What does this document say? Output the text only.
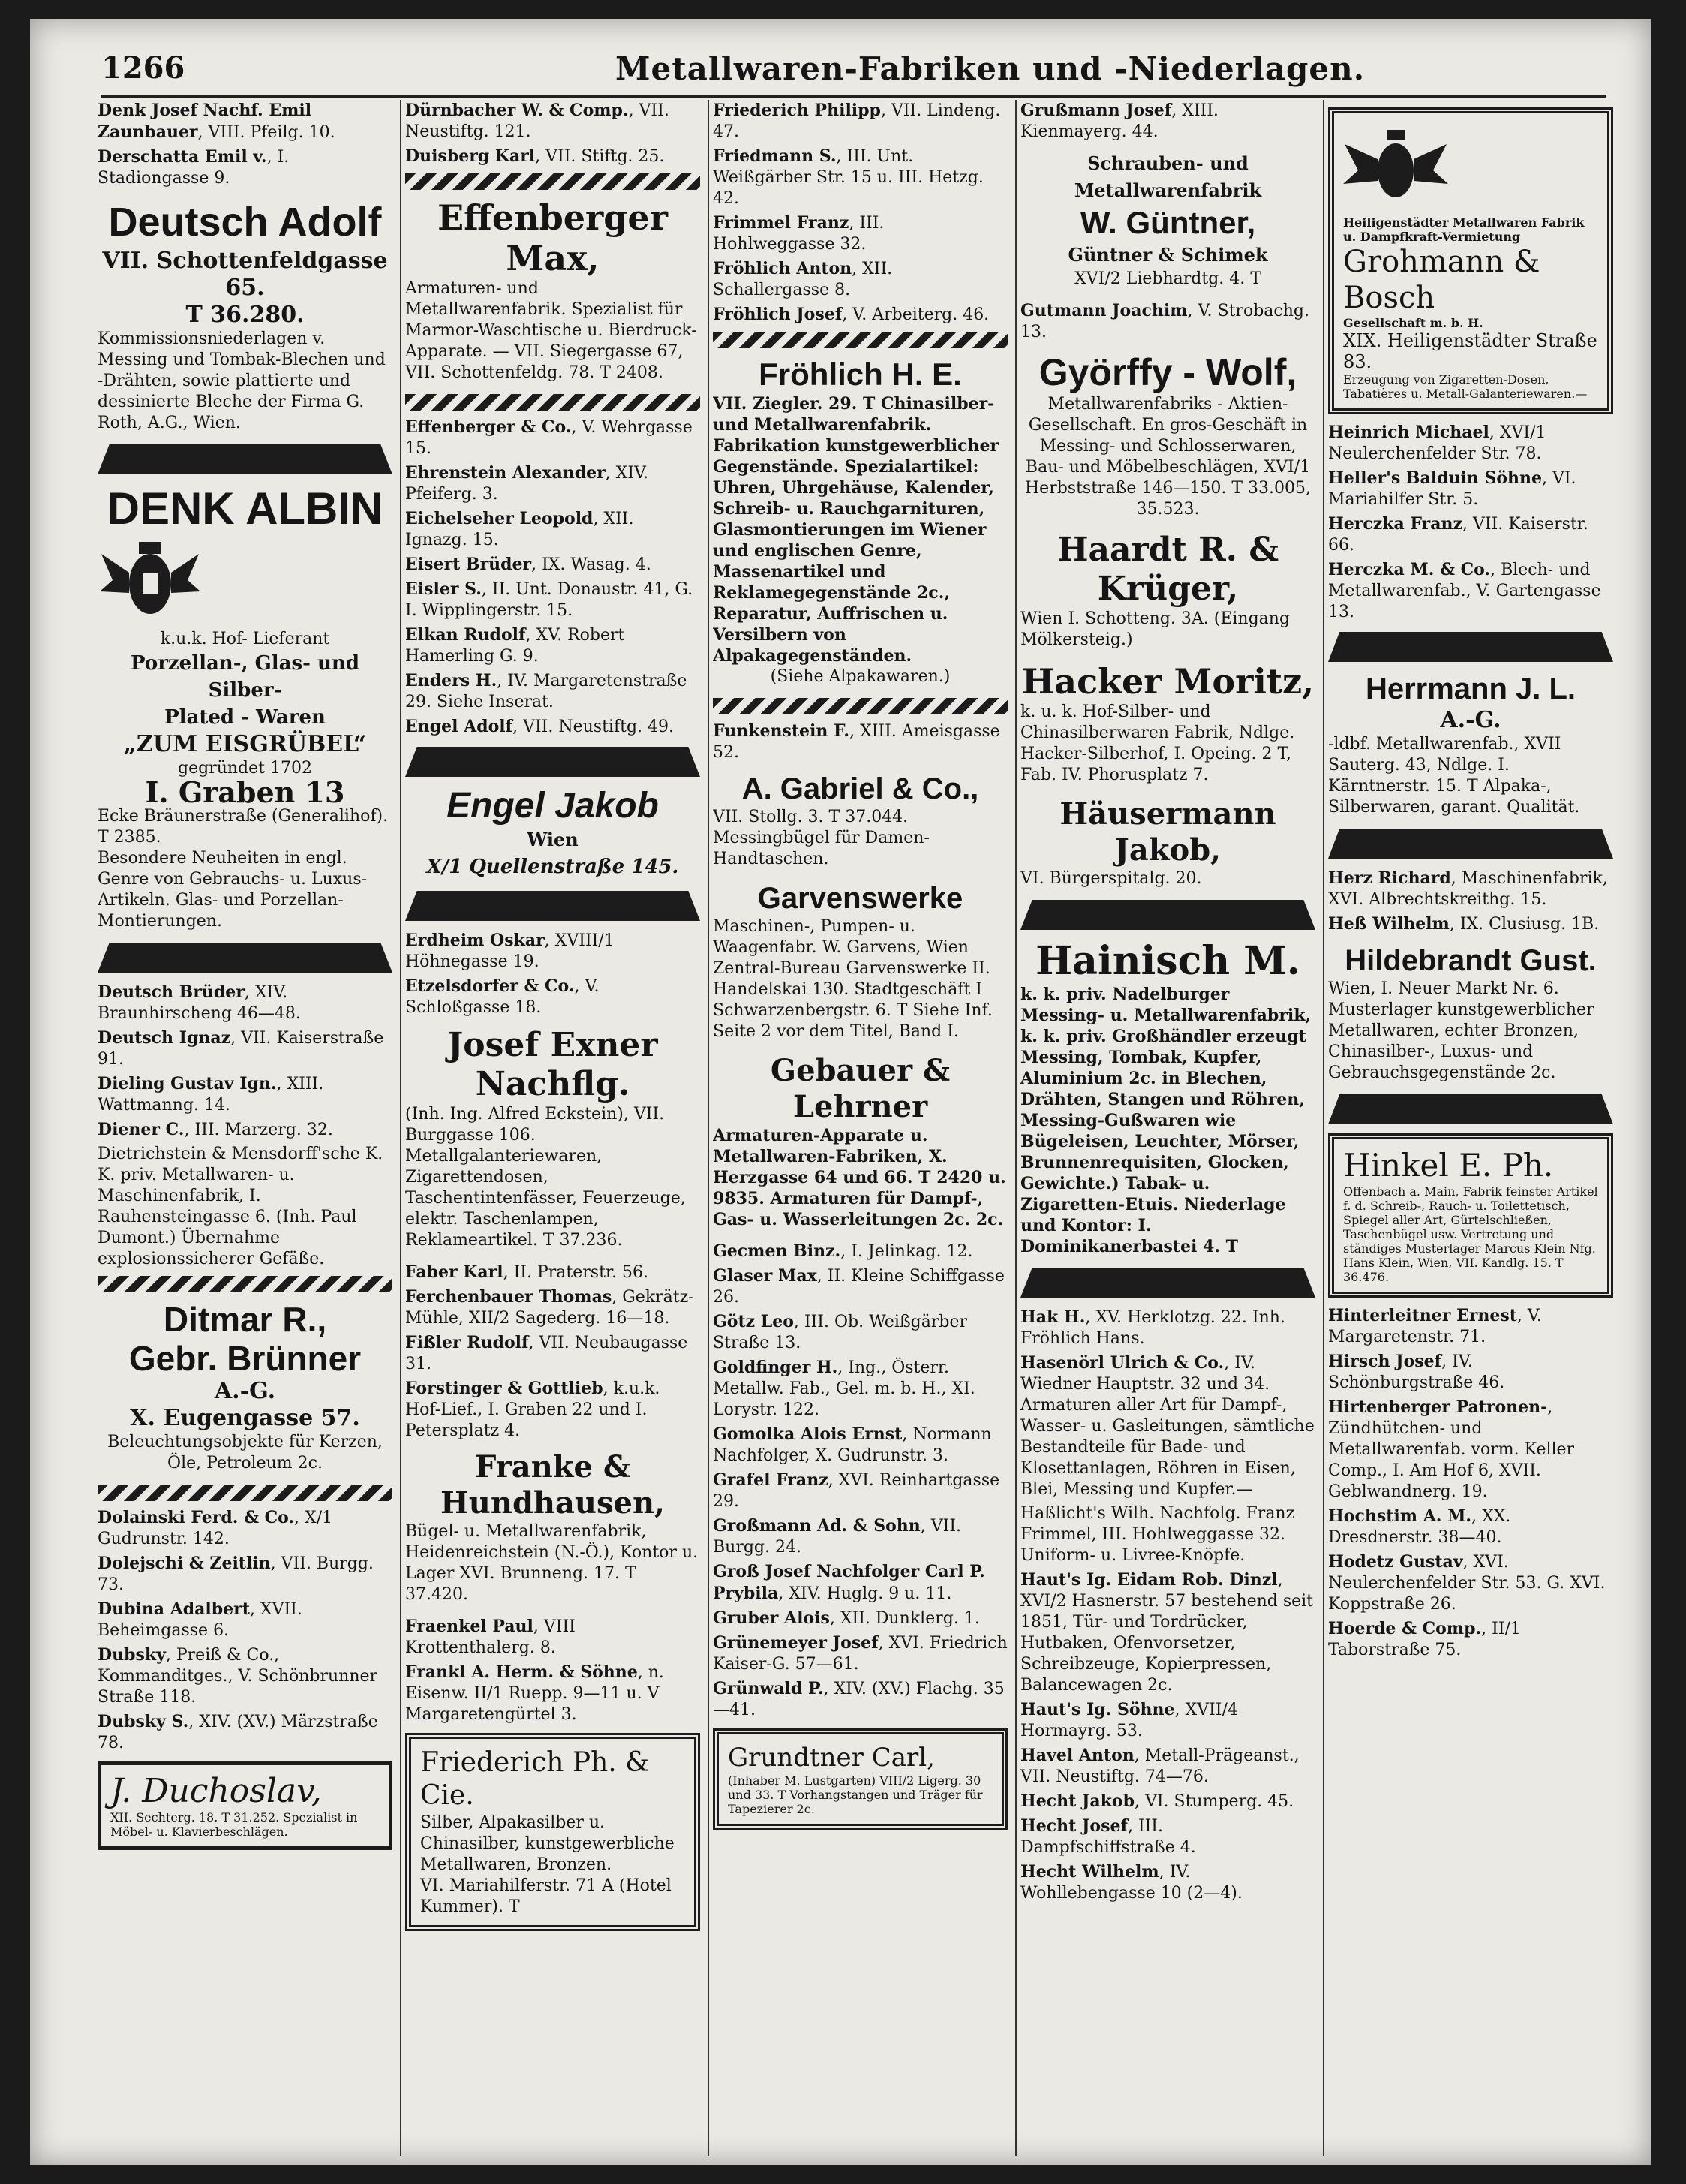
1266	Metallwaren-Fabriken und -Niederlagen.

Denk Josef Nachf. Emil Zaunbauer, VIII. Pfeilg. 10.

Derschatta Emil v., I. Stadiongasse 9.

Deutsch Adolf
VII. Schottenfeldgasse 65.
T 36.280.
Kommissionsniederlagen v. Messing und Tombak-Blechen und -Drähten, sowie plattierte und dessinierte Bleche der Firma G. Roth, A.G., Wien.
DENK ALBIN
k.u.k. Hof- Lieferant
Porzellan-, Glas- und Silber-
Plated - Waren
„ZUM EISGRÜBEL“
gegründet 1702
I. Graben 13
Ecke Bräunerstraße (Generalihof). T 2385.
Besondere Neuheiten in engl. Genre von Gebrauchs- u. Luxus-Artikeln. Glas- und Porzellan-Montierungen.

Deutsch Brüder, XIV. Braunhirscheng 46—48.

Deutsch Ignaz, VII. Kaiserstraße 91.

Dieling Gustav Ign., XIII. Wattmanng. 14.

Diener C., III. Marzerg. 32.

Dietrichstein & Mensdorff'sche K. K. priv. Metallwaren- u. Maschinenfabrik, I. Rauhensteingasse 6. (Inh. Paul Dumont.) Übernahme explosionssicherer Gefäße.

Ditmar R.,
Gebr. Brünner
A.-G.
X. Eugengasse 57.
Beleuchtungsobjekte für Kerzen, Öle, Petroleum 2c.

Dolainski Ferd. & Co., X/1 Gudrunstr. 142.

Dolejschi & Zeitlin, VII. Burgg. 73.

Dubina Adalbert, XVII. Beheimgasse 6.

Dubsky, Preiß & Co., Kommanditges., V. Schönbrunner Straße 118.

Dubsky S., XIV. (XV.) Märzstraße 78.

J. Duchoslav,
XII. Sechterg. 18. T 31.252. Spezialist in Möbel- u. Klavierbeschlägen.

Dürnbacher W. & Comp., VII. Neustiftg. 121.

Duisberg Karl, VII. Stiftg. 25.

Effenberger Max,
Armaturen- und Metallwarenfabrik. Spezialist für Marmor-Waschtische u. Bierdruck-Apparate. — VII. Siegergasse 67, VII. Schottenfeldg. 78. T 2408.

Effenberger & Co., V. Wehrgasse 15.

Ehrenstein Alexander, XIV. Pfeiferg. 3.

Eichelseher Leopold, XII. Ignazg. 15.

Eisert Brüder, IX. Wasag. 4.

Eisler S., II. Unt. Donaustr. 41, G. I. Wipplingerstr. 15.

Elkan Rudolf, XV. Robert Hamerling G. 9.

Enders H., IV. Margaretenstraße 29. Siehe Inserat.

Engel Adolf, VII. Neustiftg. 49.

Engel Jakob
Wien
X/1 Quellenstraße 145.

Erdheim Oskar, XVIII/1 Höhnegasse 19.

Etzelsdorfer & Co., V. Schloßgasse 18.

Josef Exner Nachflg.
(Inh. Ing. Alfred Eckstein), VII. Burggasse 106. Metallgalanteriewaren, Zigarettendosen, Taschentintenfässer, Feuerzeuge, elektr. Taschenlampen, Reklameartikel. T 37.236.

Faber Karl, II. Praterstr. 56.

Ferchenbauer Thomas, Gekrätz-Mühle, XII/2 Sagederg. 16—18.

Fißler Rudolf, VII. Neubaugasse 31.

Forstinger & Gottlieb, k.u.k. Hof-Lief., I. Graben 22 und I. Petersplatz 4.

Franke & Hundhausen,
Bügel- u. Metallwarenfabrik, Heidenreichstein (N.-Ö.), Kontor u. Lager XVI. Brunneng. 17. T 37.420.

Fraenkel Paul, VIII Krottenthalerg. 8.

Frankl A. Herm. & Söhne, n. Eisenw. II/1 Ruepp. 9—11 u. V Margaretengürtel 3.

Friederich Ph. & Cie.
Silber, Alpakasilber u. Chinasilber, kunstgewerbliche Metallwaren, Bronzen.
VI. Mariahilferstr. 71 A (Hotel Kummer). T

Friederich Philipp, VII. Lindeng. 47.

Friedmann S., III. Unt. Weißgärber Str. 15 u. III. Hetzg. 42.

Frimmel Franz, III. Hohlweggasse 32.

Fröhlich Anton, XII. Schallergasse 8.

Fröhlich Josef, V. Arbeiterg. 46.

Fröhlich H. E.
VII. Ziegler. 29. T Chinasilber- und Metallwarenfabrik. Fabrikation kunstgewerblicher Gegenstände. Spezialartikel: Uhren, Uhrgehäuse, Kalender, Schreib- u. Rauchgarnituren, Glasmontierungen im Wiener und englischen Genre, Massenartikel und Reklamegegenstände 2c., Reparatur, Auffrischen u. Versilbern von Alpakagegenständen.
(Siehe Alpakawaren.)

Funkenstein F., XIII. Ameisgasse 52.

A. Gabriel & Co.,
VII. Stollg. 3. T 37.044. Messingbügel für Damen-Handtaschen.
Garvenswerke
Maschinen-, Pumpen- u. Waagenfabr. W. Garvens, Wien Zentral-Bureau Garvenswerke II. Handelskai 130. Stadtgeschäft I Schwarzenbergstr. 6. T Siehe Inf. Seite 2 vor dem Titel, Band I.
Gebauer & Lehrner
Armaturen-Apparate u. Metallwaren-Fabriken, X. Herzgasse 64 und 66. T 2420 u. 9835. Armaturen für Dampf-, Gas- u. Wasserleitungen 2c. 2c.

Gecmen Binz., I. Jelinkag. 12.

Glaser Max, II. Kleine Schiffgasse 26.

Götz Leo, III. Ob. Weißgärber Straße 13.

Goldfinger H., Ing., Österr. Metallw. Fab., Gel. m. b. H., XI. Lorystr. 122.

Gomolka Alois Ernst, Normann Nachfolger, X. Gudrunstr. 3.

Grafel Franz, XVI. Reinhartgasse 29.

Großmann Ad. & Sohn, VII. Burgg. 24.

Groß Josef Nachfolger Carl P. Prybila, XIV. Huglg. 9 u. 11.

Gruber Alois, XII. Dunklerg. 1.

Grünemeyer Josef, XVI. Friedrich Kaiser-G. 57—61.

Grünwald P., XIV. (XV.) Flachg. 35—41.

Grundtner Carl,
(Inhaber M. Lustgarten) VIII/2 Ligerg. 30 und 33. T Vorhangstangen und Träger für Tapezierer 2c.

Grußmann Josef, XIII. Kienmayerg. 44.

Schrauben- und Metallwarenfabrik
W. Güntner,
Güntner & Schimek
XVI/2 Liebhardtg. 4. T

Gutmann Joachim, V. Strobachg. 13.

Györffy - Wolf,
Metallwarenfabriks - Aktien-Gesellschaft. En gros-Geschäft in Messing- und Schlosserwaren, Bau- und Möbelbeschlägen, XVI/1 Herbststraße 146—150. T 33.005, 35.523.
Haardt R. & Krüger,
Wien I. Schotteng. 3A. (Eingang Mölkersteig.)
Hacker Moritz,
k. u. k. Hof-Silber- und Chinasilberwaren Fabrik, Ndlge. Hacker-Silberhof, I. Opeing. 2 T, Fab. IV. Phorusplatz 7.
Häusermann Jakob,
VI. Bürgerspitalg. 20.
Hainisch M.
k. k. priv. Nadelburger Messing- u. Metallwarenfabrik, k. k. priv. Großhändler erzeugt Messing, Tombak, Kupfer, Aluminium 2c. in Blechen, Drähten, Stangen und Röhren, Messing-Gußwaren wie Bügeleisen, Leuchter, Mörser, Brunnenrequisiten, Glocken, Gewichte.) Tabak- u. Zigaretten-Etuis. Niederlage und Kontor: I. Dominikanerbastei 4. T

Hak H., XV. Herklotzg. 22. Inh. Fröhlich Hans.

Hasenörl Ulrich & Co., IV. Wiedner Hauptstr. 32 und 34. Armaturen aller Art für Dampf-, Wasser- u. Gasleitungen, sämtliche Bestandteile für Bade- und Klosettanlagen, Röhren in Eisen, Blei, Messing und Kupfer.—

Haßlicht's Wilh. Nachfolg. Franz Frimmel, III. Hohlweggasse 32. Uniform- u. Livree-Knöpfe.

Haut's Ig. Eidam Rob. Dinzl, XVI/2 Hasnerstr. 57 bestehend seit 1851, Tür- und Tordrücker, Hutbaken, Ofenvorsetzer, Schreibzeuge, Kopierpressen, Balancewagen 2c.

Haut's Ig. Söhne, XVII/4 Hormayrg. 53.

Havel Anton, Metall-Prägeanst., VII. Neustiftg. 74—76.

Hecht Jakob, VI. Stumperg. 45.

Hecht Josef, III. Dampfschiffstraße 4.

Hecht Wilhelm, IV. Wohllebengasse 10 (2—4).

Heiligenstädter Metallwaren Fabrik u. Dampfkraft-Vermietung
Grohmann & Bosch
Gesellschaft m. b. H.
XIX. Heiligenstädter Straße 83.
Erzeugung von Zigaretten-Dosen, Tabatières u. Metall-Galanteriewaren.—

Heinrich Michael, XVI/1 Neulerchenfelder Str. 78.

Heller's Balduin Söhne, VI. Mariahilfer Str. 5.

Herczka Franz, VII. Kaiserstr. 66.

Herczka M. & Co., Blech- und Metallwarenfab., V. Gartengasse 13.

Herrmann J. L.
A.-G.
-ldbf. Metallwarenfab., XVII Sauterg. 43, Ndlge. I. Kärntnerstr. 15. T Alpaka-, Silberwaren, garant. Qualität.

Herz Richard, Maschinenfabrik, XVI. Albrechtskreithg. 15.

Heß Wilhelm, IX. Clusiusg. 1B.

Hildebrandt Gust.
Wien, I. Neuer Markt Nr. 6. Musterlager kunstgewerblicher Metallwaren, echter Bronzen, Chinasilber-, Luxus- und Gebrauchsgegenstände 2c.
Hinkel E. Ph.
Offenbach a. Main, Fabrik feinster Artikel f. d. Schreib-, Rauch- u. Toilettetisch, Spiegel aller Art, Gürtelschließen, Taschenbügel usw. Vertretung und ständiges Musterlager Marcus Klein Nfg. Hans Klein, Wien, VII. Kandlg. 15. T 36.476.

Hinterleitner Ernest, V. Margaretenstr. 71.

Hirsch Josef, IV. Schönburgstraße 46.

Hirtenberger Patronen-, Zündhütchen- und Metallwarenfab. vorm. Keller Comp., I. Am Hof 6, XVII. Geblwandnerg. 19.

Hochstim A. M., XX. Dresdnerstr. 38—40.

Hodetz Gustav, XVI. Neulerchenfelder Str. 53. G. XVI. Koppstraße 26.

Hoerde & Comp., II/1 Taborstraße 75.
